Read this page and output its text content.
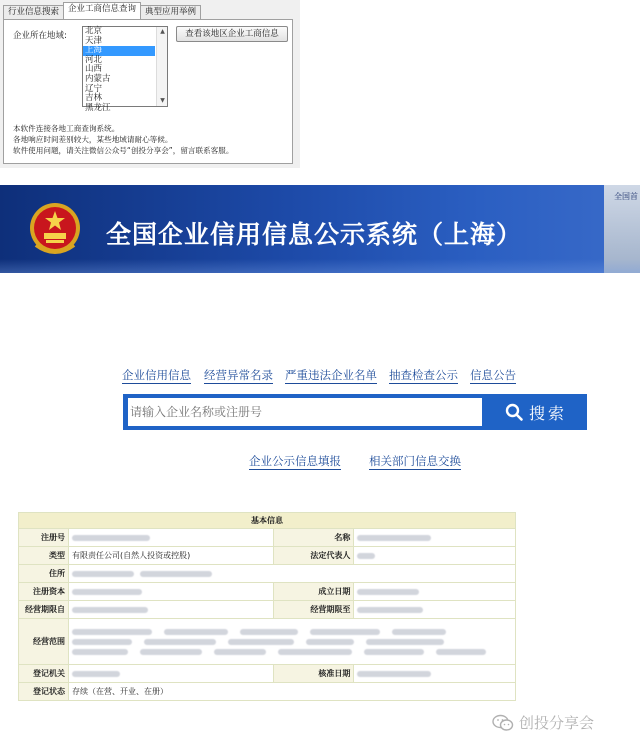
行业信息搜索	企业工商信息查询	典型应用举例
企业所在地域: 北京
天津
上海
河北
山西
内蒙古
辽宁
吉林
黑龙江
▲
▼
查看该地区企业工商信息
本软件连接各地工商查询系统。
各地响应时间差别较大，某些地域请耐心等候。
软件使用问题，请关注微信公众号“创投分享会”，留言联系客服。
全国企业信用信息公示系统（上海）
全国首
企业信用信息 经营异常名录 严重违法企业名单 抽查检查公示 信息公告
请输入企业名称或注册号
搜索
企业公示信息填报 相关部门信息交换
基本信息			
注册号		名称	
类型	有限责任公司(自然人投资或控股)	法定代表人	
住所			
注册资本		成立日期	
经营期限自		经营期限至	
经营范围			

登记机关		核准日期	
登记状态	存续（在营、开业、在册）		
创投分享会
